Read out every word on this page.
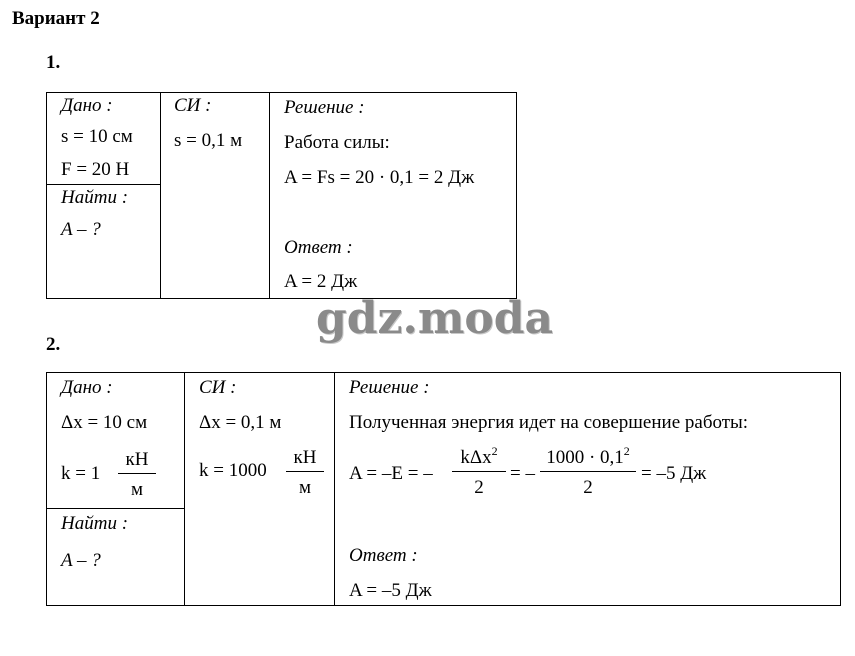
Вариант 2
1.
Дано :
s = 10 см
F = 20 Н
Найти :
A – ?
СИ :
s = 0,1 м
Решение :
Работа силы:
A = Fs = 20 · 0,1 = 2 Дж
Ответ :
A = 2 Дж
gdz.moda
2.
Дано :
Δx = 10 см
k = 1
кН
м
Найти :
A – ?
СИ :
Δx = 0,1 м
k = 1000
кН
м
Решение :
Полученная энергия идет на совершение работы:
A = –E = –
kΔx$^2$
2
= –
$1000 \cdot 0,1^2$
2
= –5 Дж
Ответ :
A = –5 Дж
